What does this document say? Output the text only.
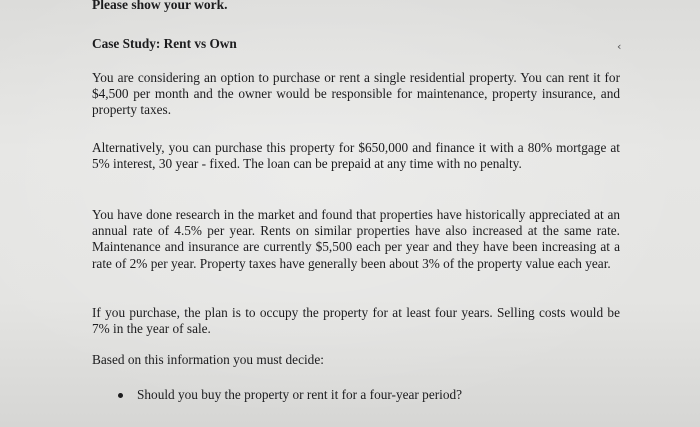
Please show your work.

Case Study: Rent vs Own	‹

You are considering an option to purchase or rent a single residential property. You can rent it for $4,500 per month and the owner would be responsible for maintenance, property insurance, and property taxes.

Alternatively, you can purchase this property for $650,000 and finance it with a 80% mortgage at 5% interest, 30 year - fixed. The loan can be prepaid at any time with no penalty.

You have done research in the market and found that properties have historically appreciated at an annual rate of 4.5% per year. Rents on similar properties have also increased at the same rate. Maintenance and insurance are currently $5,500 each per year and they have been increasing at a rate of 2% per year. Property taxes have generally been about 3% of the property value each year.

If you purchase, the plan is to occupy the property for at least four years. Selling costs would be 7% in the year of sale.

Based on this information you must decide:

Should you buy the property or rent it for a four-year period?
